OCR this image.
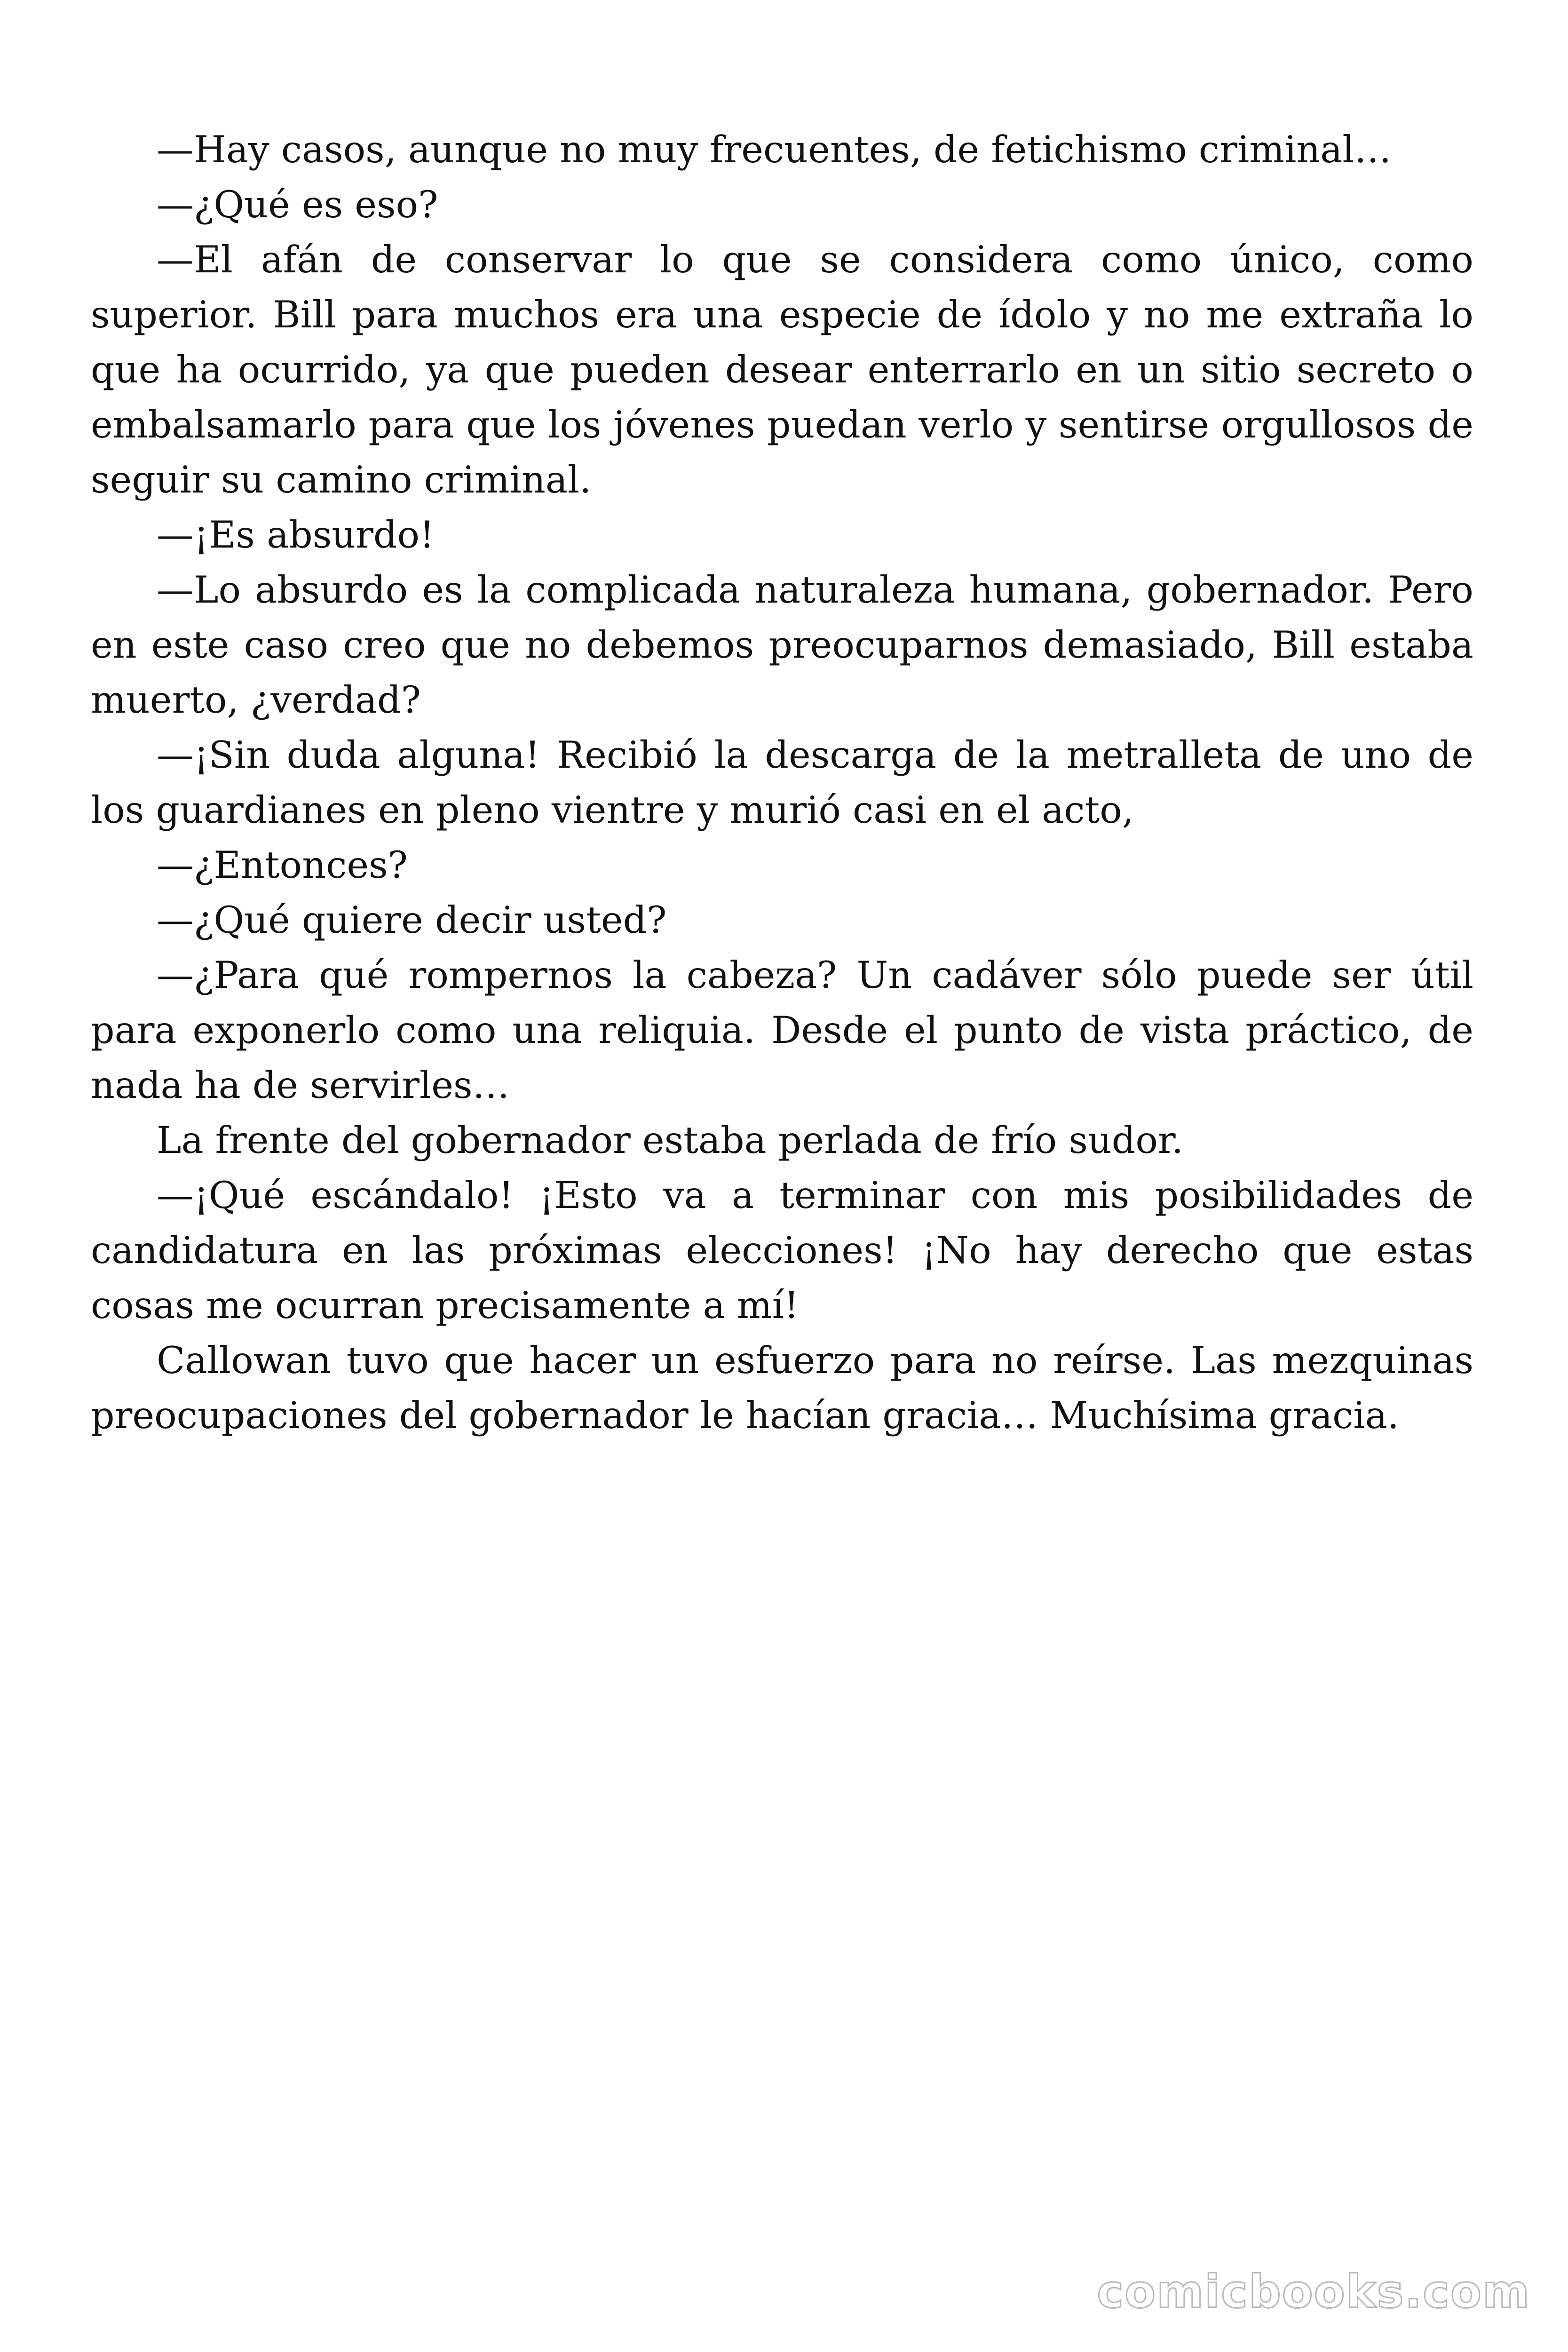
—Hay casos, aunque no muy frecuentes, de fetichismo criminal…

—¿Qué es eso?

—El afán de conservar lo que se considera como único, como superior. Bill para muchos era una especie de ídolo y no me extraña lo que ha ocurrido, ya que pueden desear enterrarlo en un sitio secreto o embalsamarlo para que los jóvenes puedan verlo y sentirse orgullosos de seguir su camino criminal.

—¡Es absurdo!

—Lo absurdo es la complicada naturaleza humana, gobernador. Pero en este caso creo que no debemos preocuparnos demasiado, Bill estaba muerto, ¿verdad?

—¡Sin duda alguna! Recibió la descarga de la metralleta de uno de los guardianes en pleno vientre y murió casi en el acto,

—¿Entonces?

—¿Qué quiere decir usted?

—¿Para qué rompernos la cabeza? Un cadáver sólo puede ser útil para exponerlo como una reliquia. Desde el punto de vista práctico, de nada ha de servirles…

La frente del gobernador estaba perlada de frío sudor.

—¡Qué escándalo! ¡Esto va a terminar con mis posibilidades de candidatura en las próximas elecciones! ¡No hay derecho que estas cosas me ocurran precisamente a mí!

Callowan tuvo que hacer un esfuerzo para no reírse. Las mezquinas preocupaciones del gobernador le hacían gracia… Muchísima gracia.

comicbooks.com
